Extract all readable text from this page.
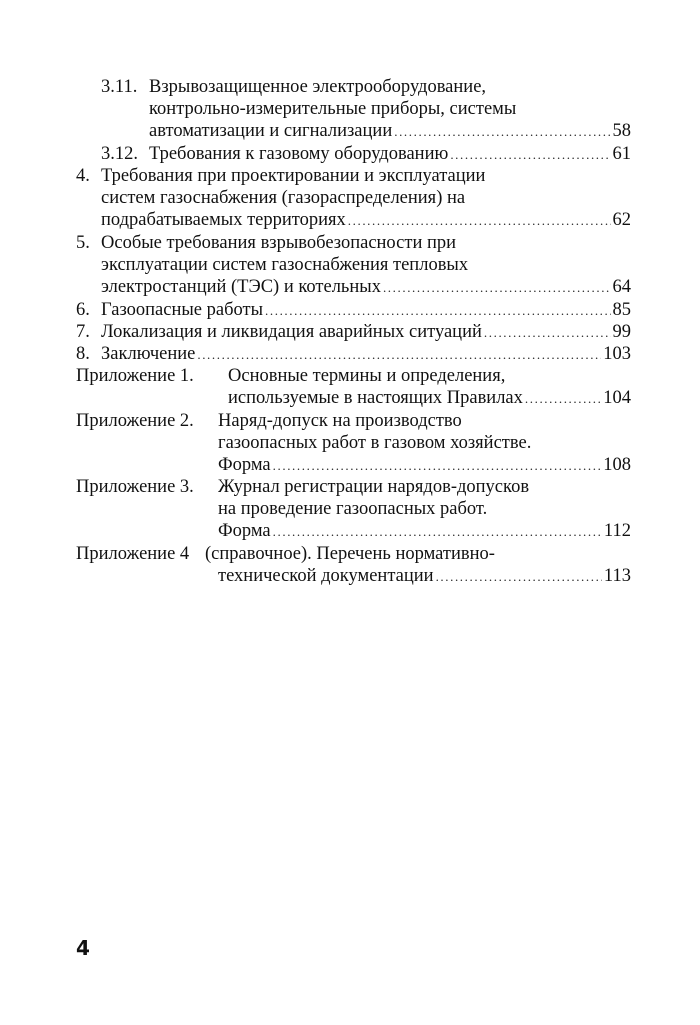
3.11. Взрывозащищенное электрооборудование,
контрольно-измерительные приборы, системы
автоматизации и сигнализации .....	58
3.12. Требования к газовому оборудованию .....	61
4. Требования при проектировании и эксплуатации
систем газоснабжения (газораспределения) на
подрабатываемых территориях .....	62
5. Особые требования взрывобезопасности при
эксплуатации систем газоснабжения тепловых
электростанций (ТЭС) и котельных .....	64
6. Газоопасные работы .....	85
7. Локализация и ликвидация аварийных ситуаций .....	99
8. Заключение .....	103
Приложение 1. Основные термины и определения,
используемые в настоящих Правилах .....	104
Приложение 2. Наряд-допуск на производство
газоопасных работ в газовом хозяйстве.
Форма .....	108
Приложение 3. Журнал регистрации нарядов-допусков
на проведение газоопасных работ.
Форма .....	112
Приложение 4 (справочное). Перечень нормативно-
технической документации .....	113
4
